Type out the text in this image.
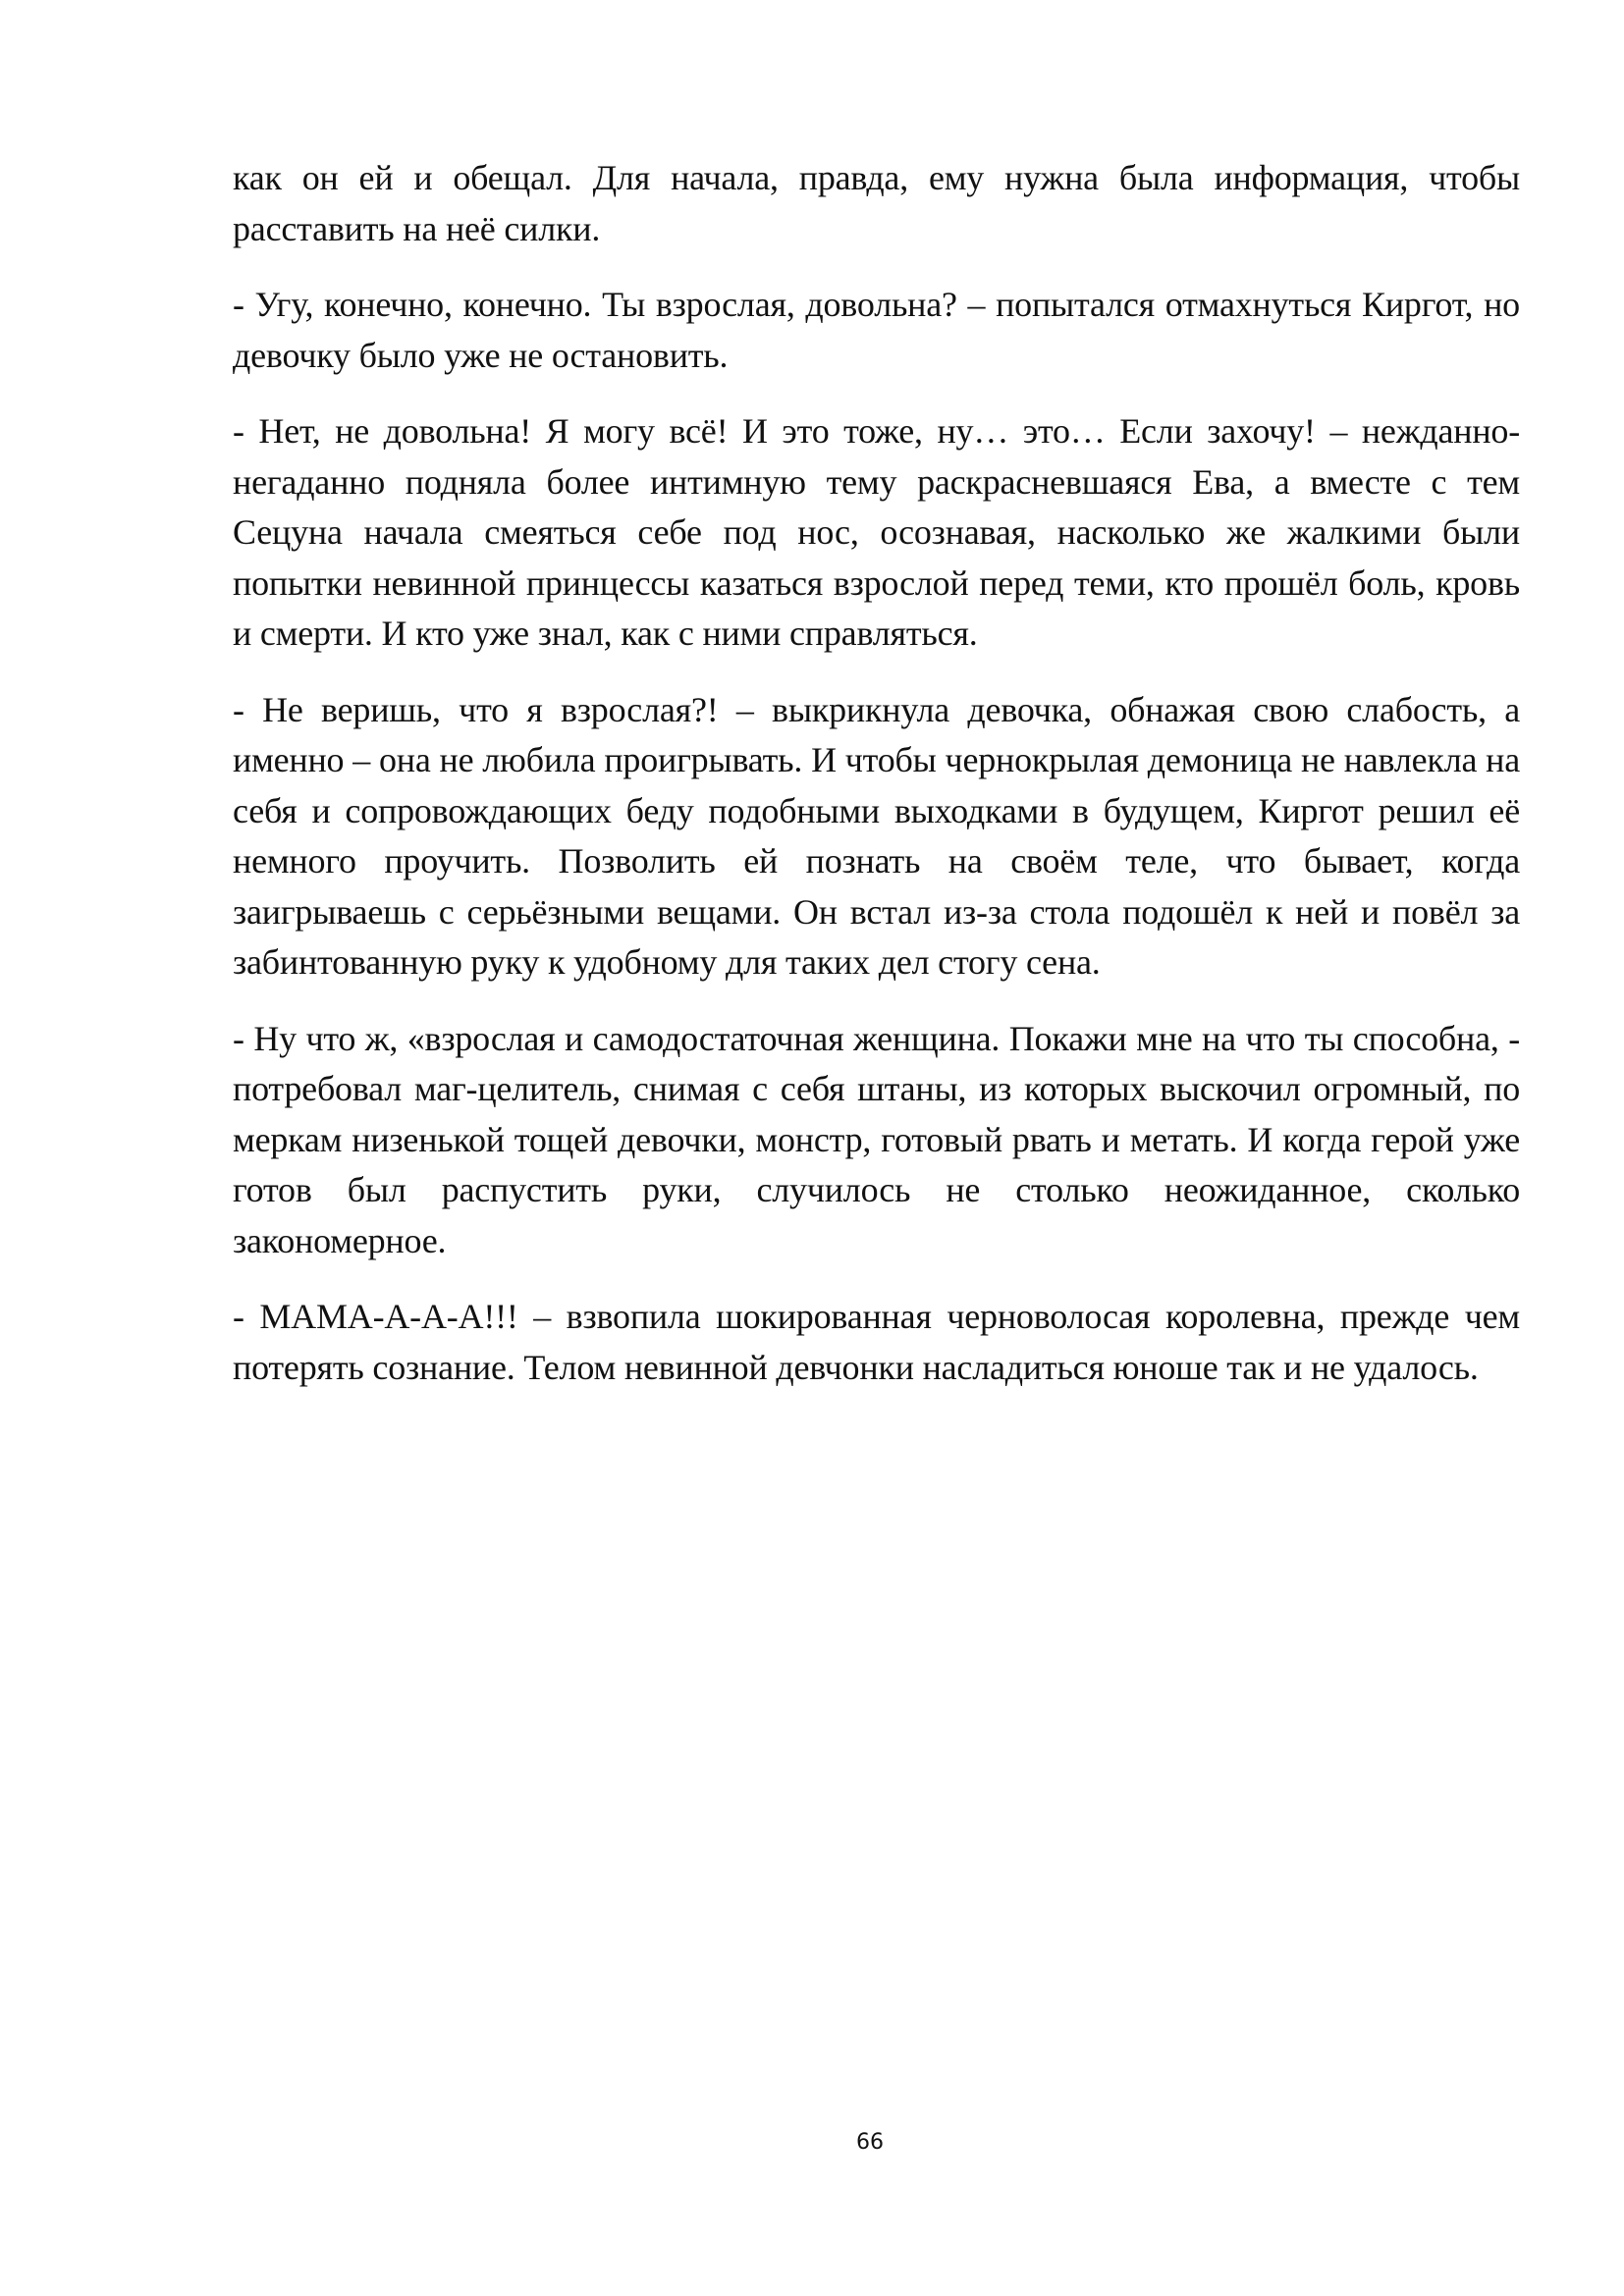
как он ей и обещал. Для начала, правда, ему нужна была информация, чтобы расставить на неё силки.

- Угу, конечно, конечно. Ты взрослая, довольна? – попытался отмахнуться Киргот, но девочку было уже не остановить.

- Нет, не довольна! Я могу всё! И это тоже, ну… это… Если захочу! – нежданно-негаданно подняла более интимную тему раскрасневшаяся Ева, а вместе с тем Сецуна начала смеяться себе под нос, осознавая, насколько же жалкими были попытки невинной принцессы казаться взрослой перед теми, кто прошёл боль, кровь и смерти. И кто уже знал, как с ними справляться.

- Не веришь, что я взрослая?! – выкрикнула девочка, обнажая свою слабость, а именно – она не любила проигрывать. И чтобы чернокрылая демоница не навлекла на себя и сопровождающих беду подобными выходками в будущем, Киргот решил её немного проучить. Позволить ей познать на своём теле, что бывает, когда заигрываешь с серьёзными вещами. Он встал из-за стола подошёл к ней и повёл за забинтованную руку к удобному для таких дел стогу сена.

- Ну что ж, «взрослая и самодостаточная женщина. Покажи мне на что ты способна, - потребовал маг-целитель, снимая с себя штаны, из которых выскочил огромный, по меркам низенькой тощей девочки, монстр, готовый рвать и метать. И когда герой уже готов был распустить руки, случилось не столько неожиданное, сколько закономерное.

- МАМА-А-А-А!!! – взвопила шокированная черноволосая королевна, прежде чем потерять сознание. Телом невинной девчонки насладиться юноше так и не удалось.

66
